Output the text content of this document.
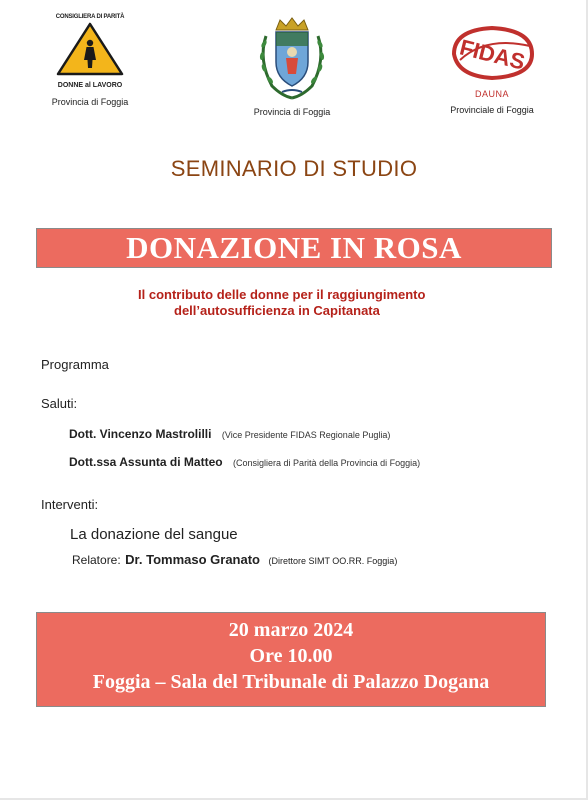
CONSIGLIERA DI PARITÀ
DONNE al LAVORO
Provincia di Foggia
Provincia di Foggia
FIDAS
DAUNA
Provinciale di Foggia
SEMINARIO DI STUDIO
DONAZIONE IN ROSA
Il contributo delle donne per il raggiungimento
dell’autosufficienza in Capitanata
Programma
Saluti:
Dott. Vincenzo Mastrolilli (Vice Presidente FIDAS Regionale Puglia)
Dott.ssa Assunta di Matteo (Consigliera di Parità della Provincia di Foggia)
Interventi:
La donazione del sangue
Relatore: Dr. Tommaso Granato (Direttore SIMT OO.RR. Foggia)
20 marzo 2024
Ore 10.00
Foggia – Sala del Tribunale di Palazzo Dogana
